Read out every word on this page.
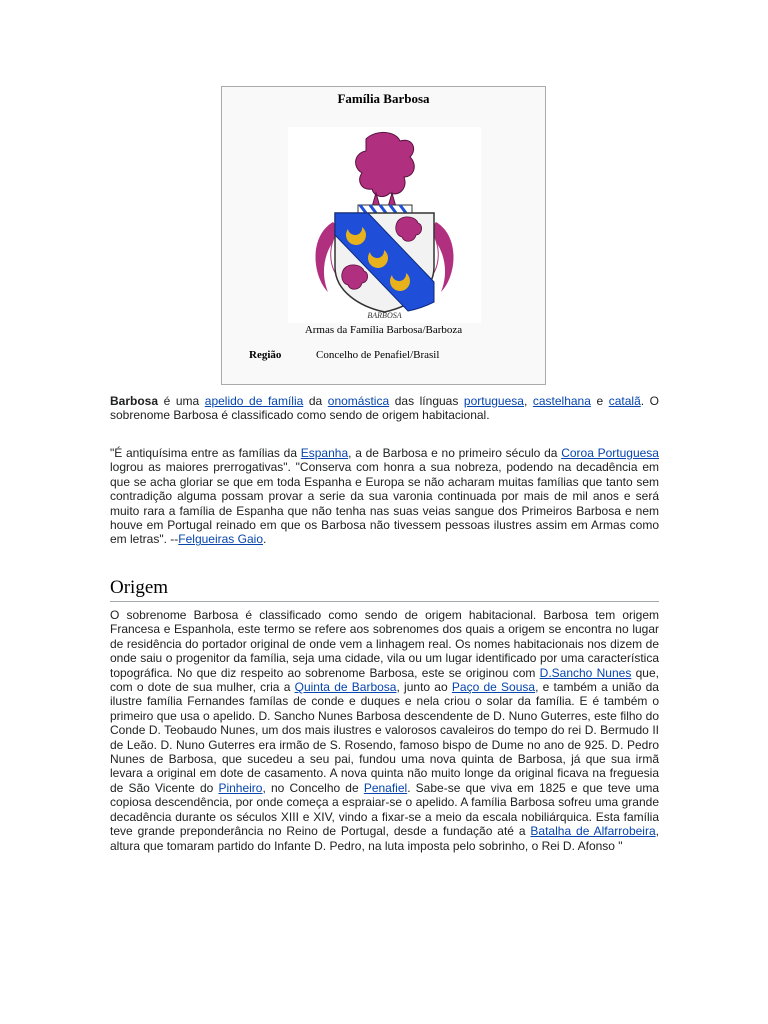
Família Barbosa
BARBOSA
Armas da Família Barbosa/Barboza
Região	Concelho de Penafiel/Brasil

Barbosa é uma apelido de família da onomástica das línguas portuguesa, castelhana e catalã. O sobrenome Barbosa é classificado como sendo de origem habitacional.

"É antiquísima entre as famílias da Espanha, a de Barbosa e no primeiro século da Coroa Portuguesa logrou as maiores prerrogativas". "Conserva com honra a sua nobreza, podendo na decadência em que se acha gloriar se que em toda Espanha e Europa se não acharam muitas famílias que tanto sem contradição alguma possam provar a serie da sua varonia continuada por mais de mil anos e será muito rara a família de Espanha que não tenha nas suas veias sangue dos Primeiros Barbosa e nem houve em Portugal reinado em que os Barbosa não tivessem pessoas ilustres assim em Armas como em letras". --Felgueiras Gaio.

Origem

O sobrenome Barbosa é classificado como sendo de origem habitacional. Barbosa tem origem Francesa e Espanhola, este termo se refere aos sobrenomes dos quais a origem se encontra no lugar de residência do portador original de onde vem a linhagem real. Os nomes habitacionais nos dizem de onde saiu o progenitor da família, seja uma cidade, vila ou um lugar identificado por uma característica topográfica. No que diz respeito ao sobrenome Barbosa, este se originou com D.Sancho Nunes que, com o dote de sua mulher, cria a Quinta de Barbosa, junto ao Paço de Sousa, e também a união da ilustre família Fernandes famílas de conde e duques e nela criou o solar da família. E é também o primeiro que usa o apelido. D. Sancho Nunes Barbosa descendente de D. Nuno Guterres, este filho do Conde D. Teobaudo Nunes, um dos mais ilustres e valorosos cavaleiros do tempo do rei D. Bermudo II de Leão. D. Nuno Guterres era irmão de S. Rosendo, famoso bispo de Dume no ano de 925. D. Pedro Nunes de Barbosa, que sucedeu a seu pai, fundou uma nova quinta de Barbosa, já que sua irmã levara a original em dote de casamento. A nova quinta não muito longe da original ficava na freguesia de São Vicente do Pinheiro, no Concelho de Penafiel. Sabe-se que viva em 1825 e que teve uma copiosa descendência, por onde começa a espraiar-se o apelido. A família Barbosa sofreu uma grande decadência durante os séculos XIII e XIV, vindo a fixar-se a meio da escala nobiliárquica. Esta família teve grande preponderância no Reino de Portugal, desde a fundação até a Batalha de Alfarrobeira, altura que tomaram partido do Infante D. Pedro, na luta imposta pelo sobrinho, o Rei D. Afonso "
